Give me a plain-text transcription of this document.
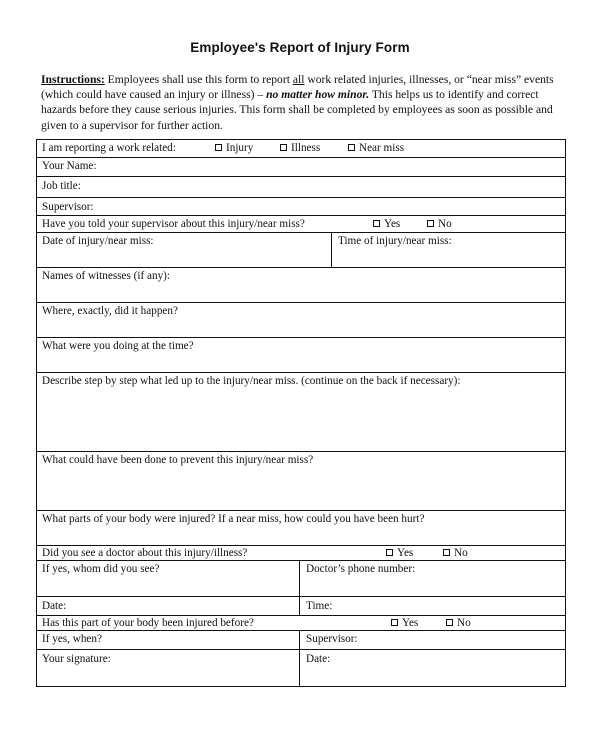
Employee's Report of Injury Form
Instructions: Employees shall use this form to report all work related injuries, illnesses, or “near miss” events (which could have caused an injury or illness) – no matter how minor. This helps us to identify and correct hazards before they cause serious injuries. This form shall be completed by employees as soon as possible and given to a supervisor for further action.
I am reporting a work related:	Injury	Illness	Near miss
Your Name:
Job title:
Supervisor:
Have you told your supervisor about this injury/near miss?	Yes	No
Date of injury/near miss:	Time of injury/near miss:
Names of witnesses (if any):
Where, exactly, did it happen?
What were you doing at the time?
Describe step by step what led up to the injury/near miss. (continue on the back if necessary):
What could have been done to prevent this injury/near miss?
What parts of your body were injured? If a near miss, how could you have been hurt?
Did you see a doctor about this injury/illness?	Yes	No
If yes, whom did you see?	Doctor’s phone number:
Date:	Time:
Has this part of your body been injured before?	Yes	No
If yes, when?	Supervisor:
Your signature:	Date:
